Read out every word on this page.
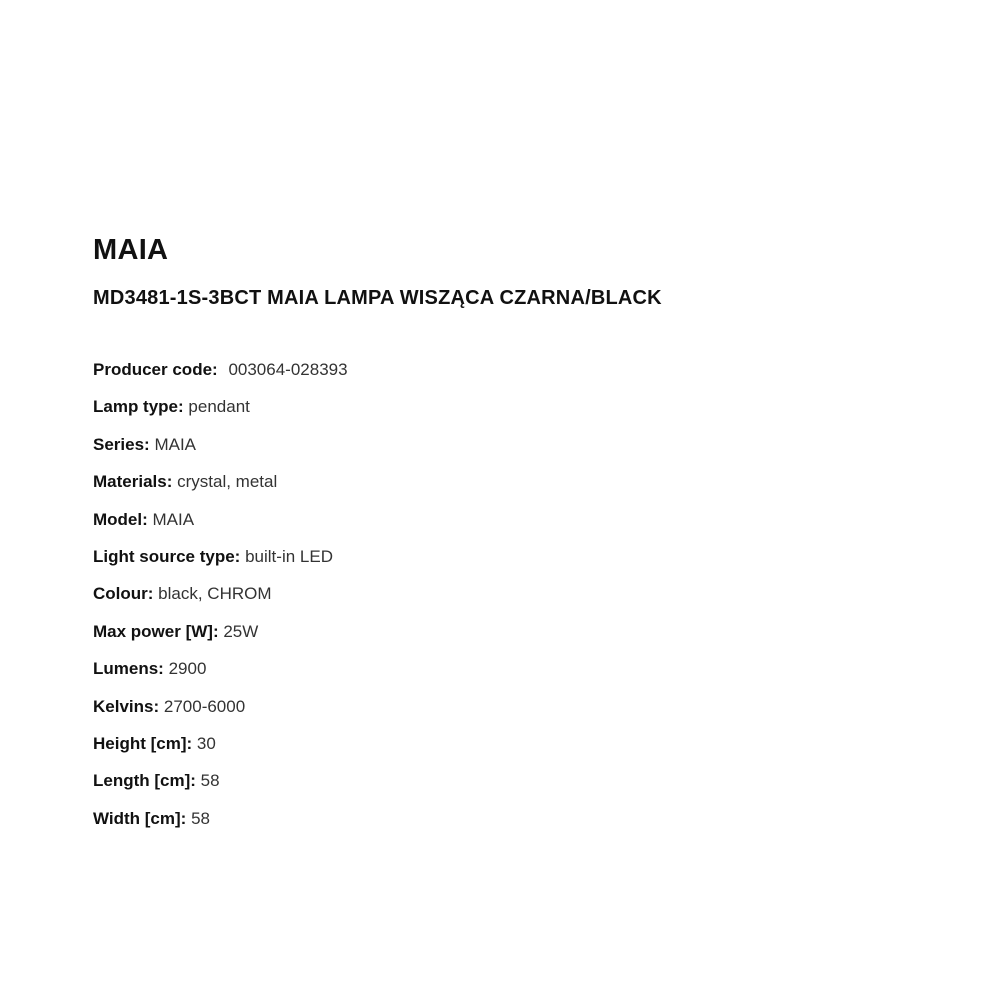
MAIA
MD3481-1S-3BCT MAIA LAMPA WISZĄCA CZARNA/BLACK
Producer code: 003064-028393
Lamp type: pendant
Series: MAIA
Materials: crystal, metal
Model: MAIA
Light source type: built-in LED
Colour: black, CHROM
Max power [W]: 25W
Lumens: 2900
Kelvins: 2700-6000
Height [cm]: 30
Length [cm]: 58
Width [cm]: 58
